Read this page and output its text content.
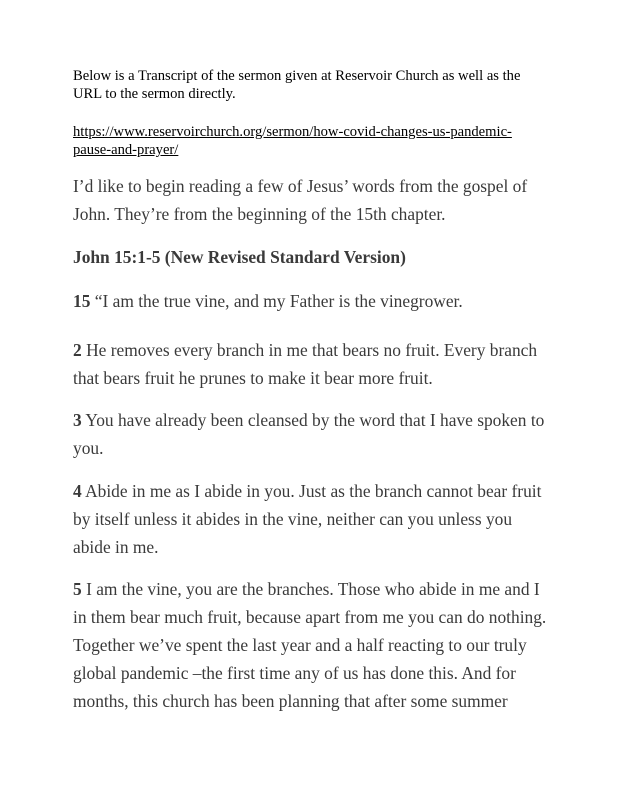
Below is a Transcript of the sermon given at Reservoir Church as well as the
URL to the sermon directly.

https://www.reservoirchurch.org/sermon/how-covid-changes-us-pandemic-
pause-and-prayer/

I’d like to begin reading a few of Jesus’ words from the gospel of
John. They’re from the beginning of the 15th chapter.

John 15:1-5 (New Revised Standard Version)

15 “I am the true vine, and my Father is the vinegrower.

2 He removes every branch in me that bears no fruit. Every branch
that bears fruit he prunes to make it bear more fruit.

3 You have already been cleansed by the word that I have spoken to
you.

4 Abide in me as I abide in you. Just as the branch cannot bear fruit
by itself unless it abides in the vine, neither can you unless you
abide in me.

5 I am the vine, you are the branches. Those who abide in me and I
in them bear much fruit, because apart from me you can do nothing.
Together we’ve spent the last year and a half reacting to our truly
global pandemic –the first time any of us has done this. And for
months, this church has been planning that after some summer
